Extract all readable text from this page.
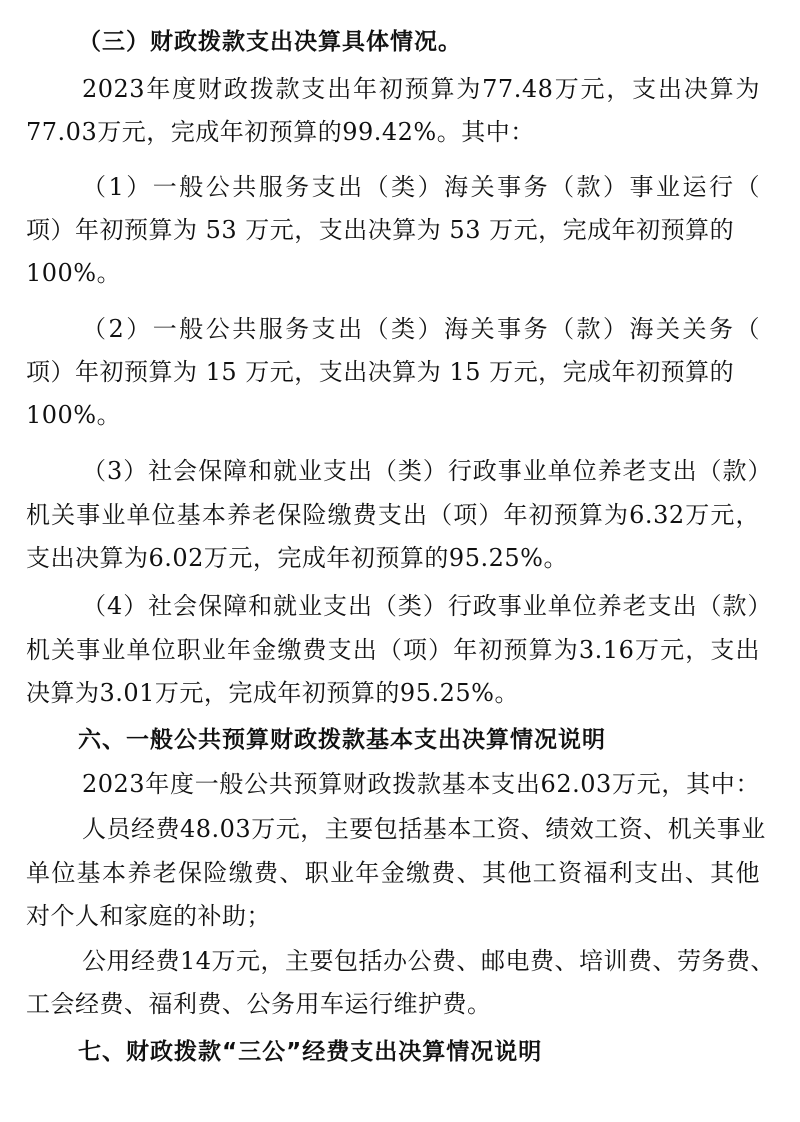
（三）财政拨款支出决算具体情况。
2023年度财政拨款支出年初预算为77.48万元，支出决算为
77.03万元，完成年初预算的99.42%。其中：
（1）一般公共服务支出（类）海关事务（款）事业运行（
项）年初预算为 53 万元，支出决算为 53 万元，完成年初预算的
100%。
（2）一般公共服务支出（类）海关事务（款）海关关务（
项）年初预算为 15 万元，支出决算为 15 万元，完成年初预算的
100%。
（3）社会保障和就业支出（类）行政事业单位养老支出（款）
机关事业单位基本养老保险缴费支出（项）年初预算为6.32万元，
支出决算为6.02万元，完成年初预算的95.25%。
（4）社会保障和就业支出（类）行政事业单位养老支出（款）
机关事业单位职业年金缴费支出（项）年初预算为3.16万元，支出
决算为3.01万元，完成年初预算的95.25%。
六、一般公共预算财政拨款基本支出决算情况说明
2023年度一般公共预算财政拨款基本支出62.03万元，其中：
人员经费48.03万元，主要包括基本工资、绩效工资、机关事业
单位基本养老保险缴费、职业年金缴费、其他工资福利支出、其他
对个人和家庭的补助；
公用经费14万元，主要包括办公费、邮电费、培训费、劳务费、
工会经费、福利费、公务用车运行维护费。
七、财政拨款“三公”经费支出决算情况说明
